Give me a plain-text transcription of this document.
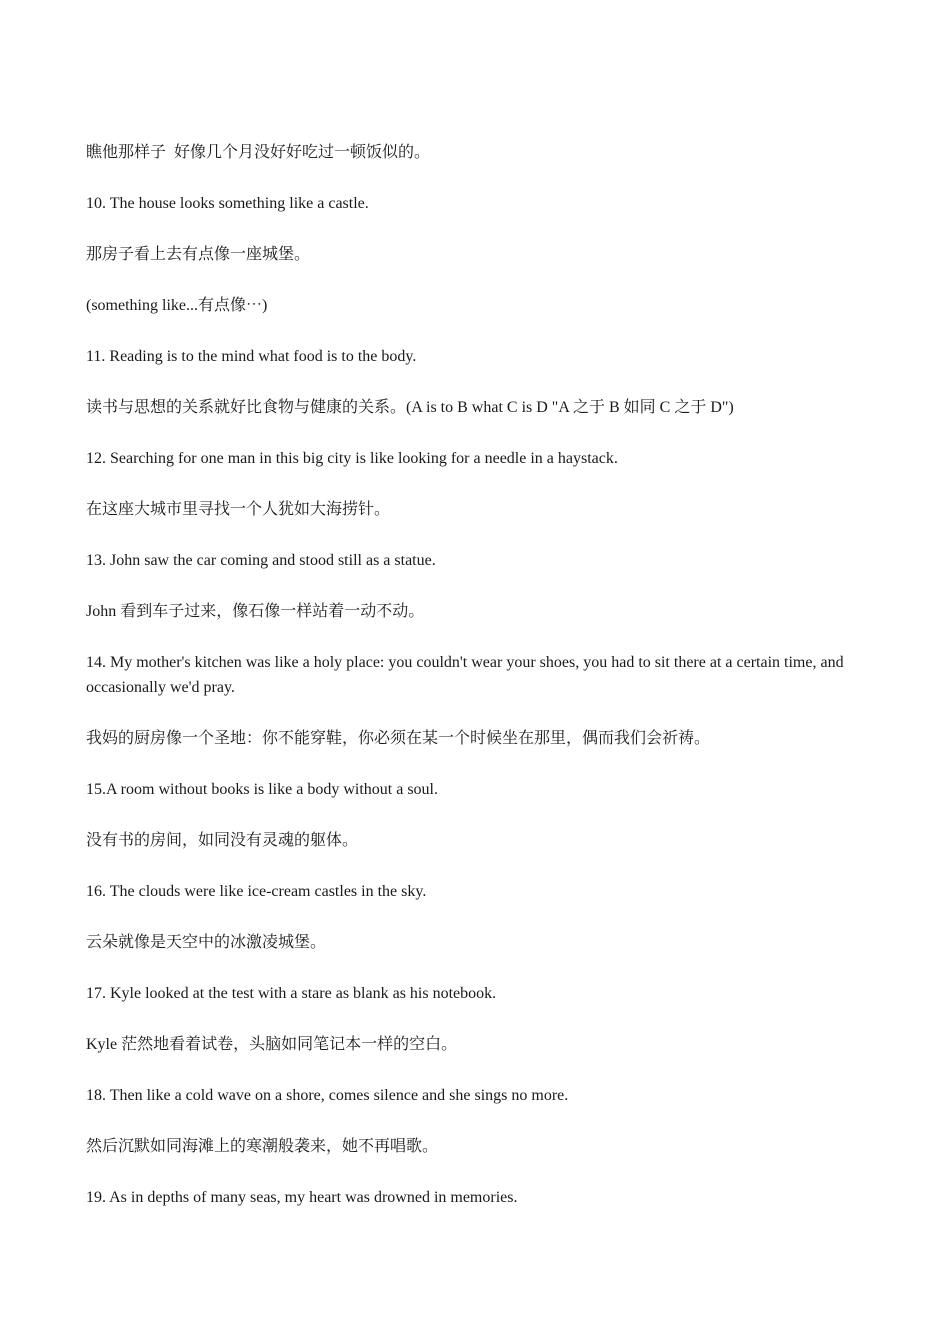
瞧他那样子  好像几个月没好好吃过一顿饭似的。

10. The house looks something like a castle.

那房子看上去有点像一座城堡。

(something like...有点像⋯)

11. Reading is to the mind what food is to the body.

读书与思想的关系就好比食物与健康的关系。(A is to B what C is D "A 之于 B 如同 C 之于 D")

12. Searching for one man in this big city is like looking for a needle in a haystack.

在这座大城市里寻找一个人犹如大海捞针。

13. John saw the car coming and stood still as a statue.

John 看到车子过来，像石像一样站着一动不动。

14. My mother's kitchen was like a holy place: you couldn't wear your shoes, you had to sit there at a certain time, and occasionally we'd pray.

我妈的厨房像一个圣地：你不能穿鞋，你必须在某一个时候坐在那里，偶而我们会祈祷。

15.A room without books is like a body without a soul.

没有书的房间，如同没有灵魂的躯体。

16. The clouds were like ice-cream castles in the sky.

云朵就像是天空中的冰激凌城堡。

17. Kyle looked at the test with a stare as blank as his notebook.

Kyle 茫然地看着试卷，头脑如同笔记本一样的空白。

18. Then like a cold wave on a shore, comes silence and she sings no more.

然后沉默如同海滩上的寒潮般袭来，她不再唱歌。

19. As in depths of many seas, my heart was drowned in memories.
